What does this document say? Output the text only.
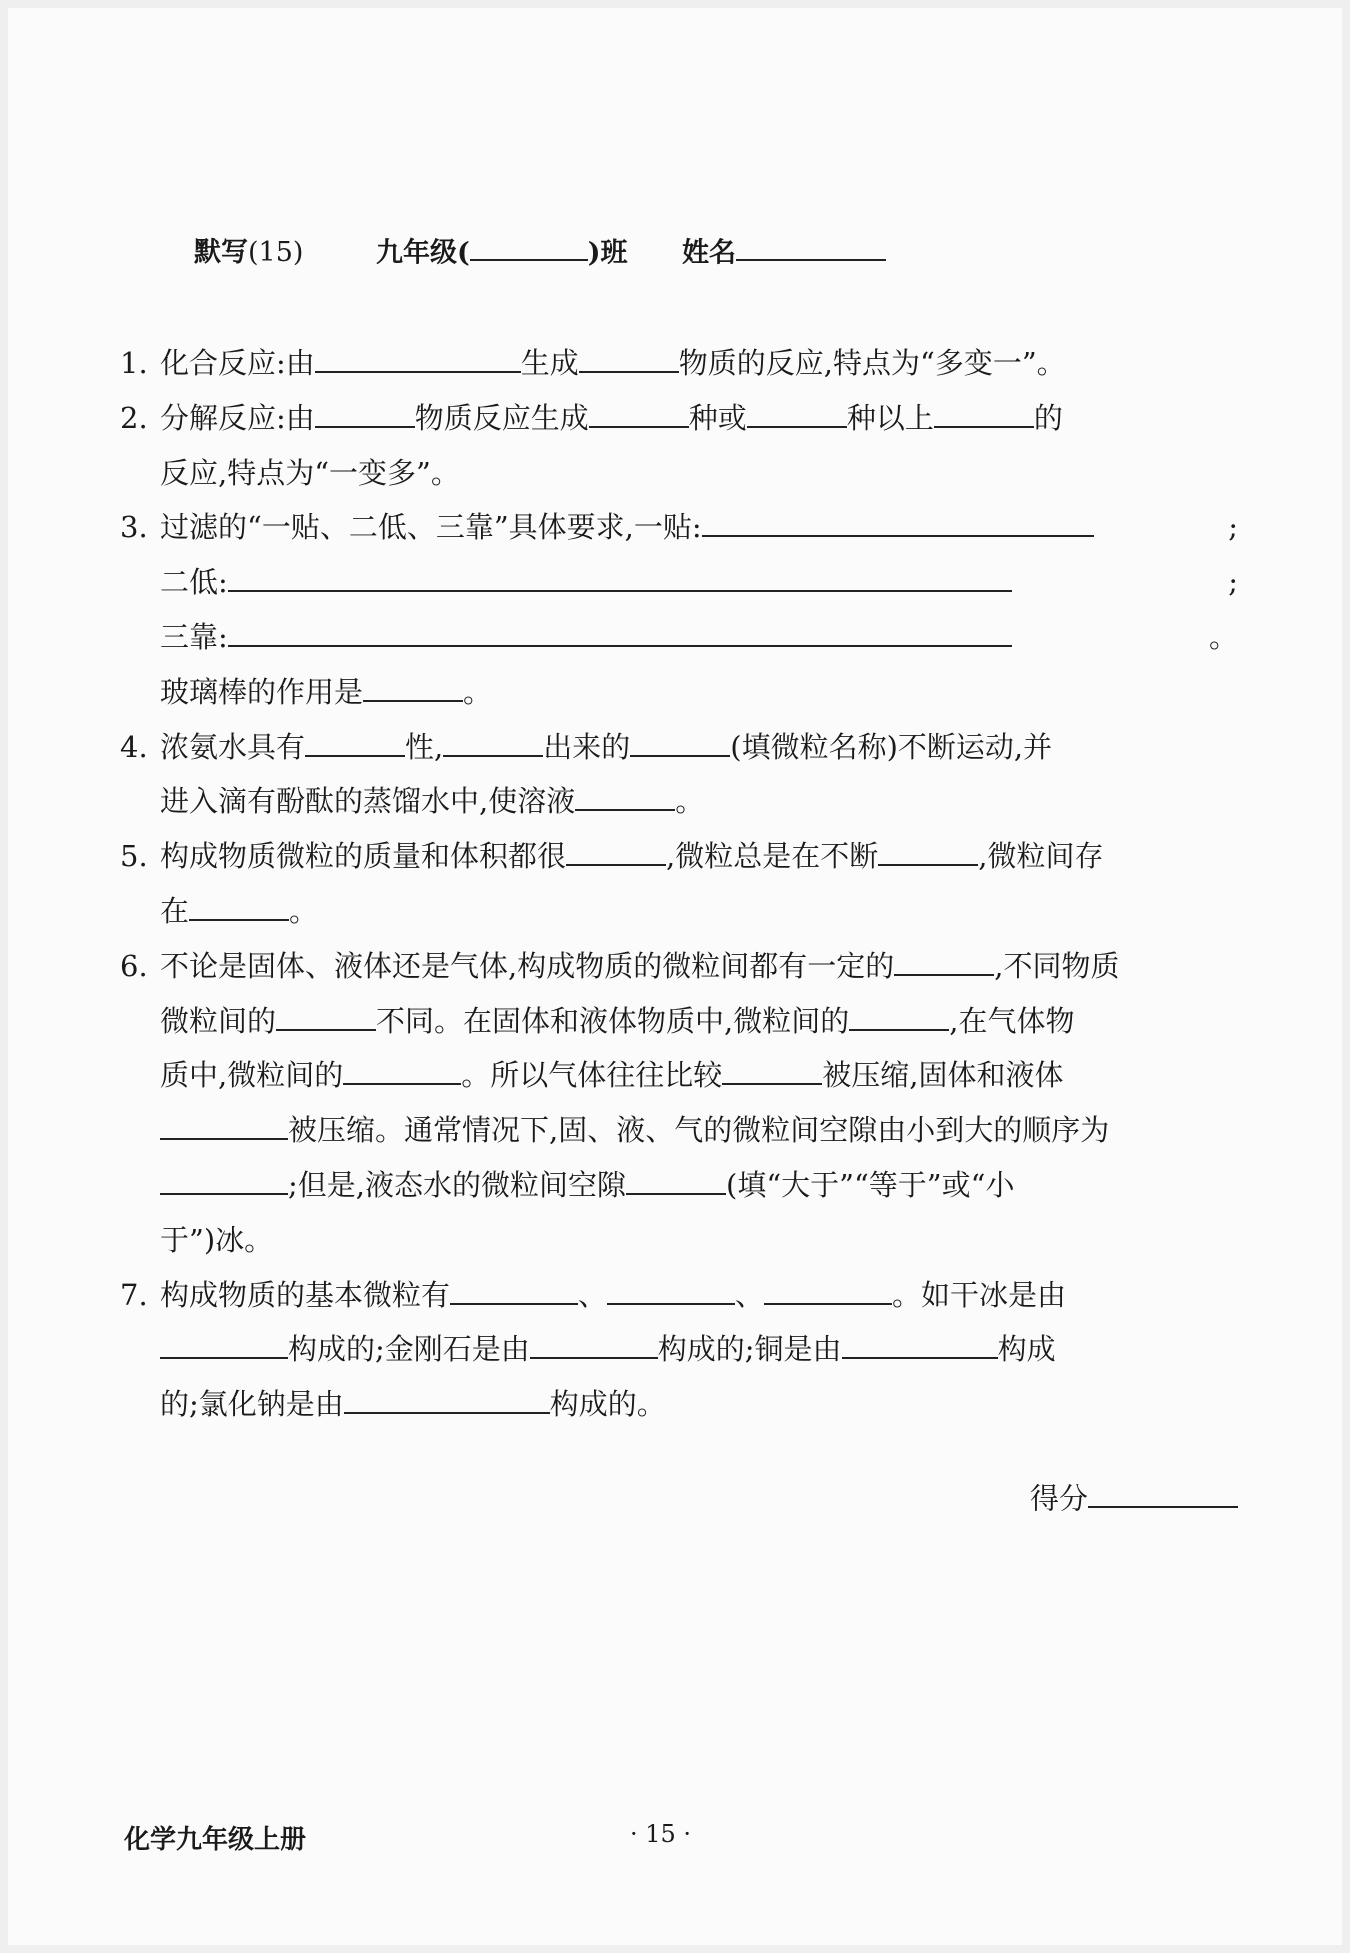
默写(15)	九年级(	)班 姓名
1. 化合反应:由	生成	物质的反应,特点为“多变一”。
2. 分解反应:由	物质反应生成	种或	种以上	的
反应,特点为“一变多”。
3. 过滤的“一贴、二低、三靠”具体要求,一贴:	;
二低:	;
三靠:	。
玻璃棒的作用是	。
4. 浓氨水具有	性,	出来的	(填微粒名称)不断运动,并
进入滴有酚酞的蒸馏水中,使溶液	。
5. 构成物质微粒的质量和体积都很	,微粒总是在不断	,微粒间存
在	。
6. 不论是固体、液体还是气体,构成物质的微粒间都有一定的	,不同物质
微粒间的	不同。在固体和液体物质中,微粒间的	,在气体物
质中,微粒间的	。所以气体往往比较	被压缩,固体和液体
被压缩。通常情况下,固、液、气的微粒间空隙由小到大的顺序为
;但是,液态水的微粒间空隙	(填“大于”“等于”或“小
于”)冰。
7. 构成物质的基本微粒有	、	、	。如干冰是由
构成的;金刚石是由	构成的;铜是由	构成
的;氯化钠是由	构成的。
得分
化学九年级上册	· 15 ·
